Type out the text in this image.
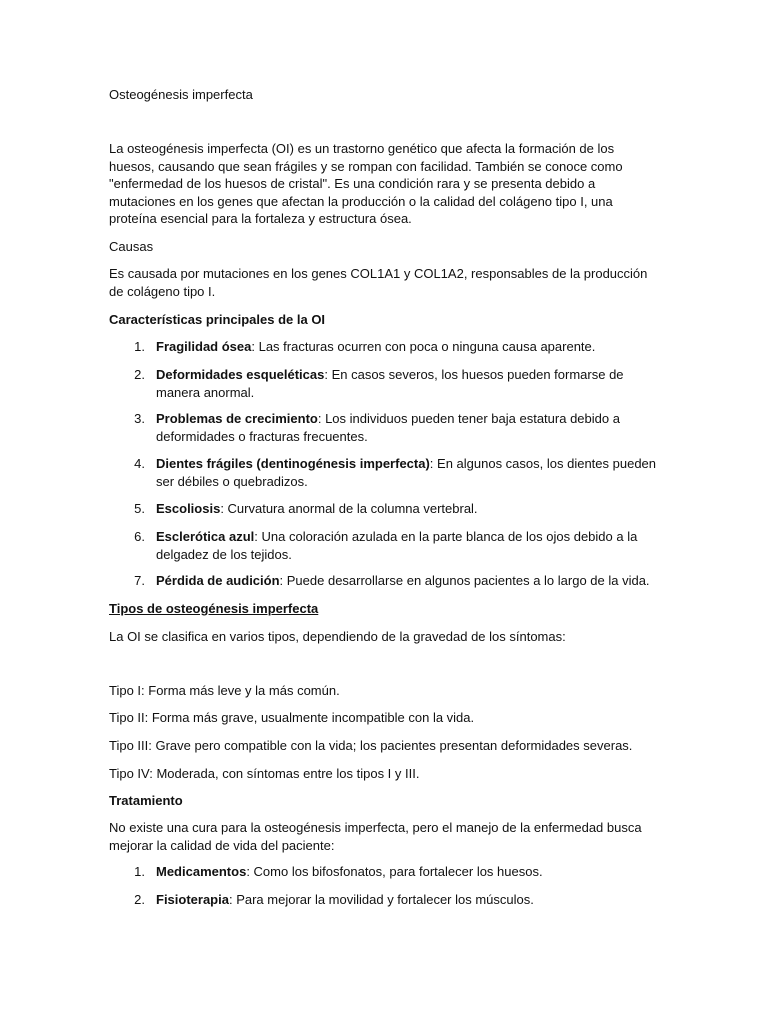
Osteogénesis imperfecta

La osteogénesis imperfecta (OI) es un trastorno genético que afecta la formación de los huesos, causando que sean frágiles y se rompan con facilidad. También se conoce como "enfermedad de los huesos de cristal". Es una condición rara y se presenta debido a mutaciones en los genes que afectan la producción o la calidad del colágeno tipo I, una proteína esencial para la fortaleza y estructura ósea.

Causas

Es causada por mutaciones en los genes COL1A1 y COL1A2, responsables de la producción de colágeno tipo I.

Características principales de la OI

1. Fragilidad ósea: Las fracturas ocurren con poca o ninguna causa aparente.
2. Deformidades esqueléticas: En casos severos, los huesos pueden formarse de manera anormal.
3. Problemas de crecimiento: Los individuos pueden tener baja estatura debido a deformidades o fracturas frecuentes.
4. Dientes frágiles (dentinogénesis imperfecta): En algunos casos, los dientes pueden ser débiles o quebradizos.
5. Escoliosis: Curvatura anormal de la columna vertebral.
6. Esclerótica azul: Una coloración azulada en la parte blanca de los ojos debido a la delgadez de los tejidos.
7. Pérdida de audición: Puede desarrollarse en algunos pacientes a lo largo de la vida.

Tipos de osteogénesis imperfecta

La OI se clasifica en varios tipos, dependiendo de la gravedad de los síntomas:

Tipo I: Forma más leve y la más común.

Tipo II: Forma más grave, usualmente incompatible con la vida.

Tipo III: Grave pero compatible con la vida; los pacientes presentan deformidades severas.

Tipo IV: Moderada, con síntomas entre los tipos I y III.

Tratamiento

No existe una cura para la osteogénesis imperfecta, pero el manejo de la enfermedad busca mejorar la calidad de vida del paciente:

1. Medicamentos: Como los bifosfonatos, para fortalecer los huesos.
2. Fisioterapia: Para mejorar la movilidad y fortalecer los músculos.
